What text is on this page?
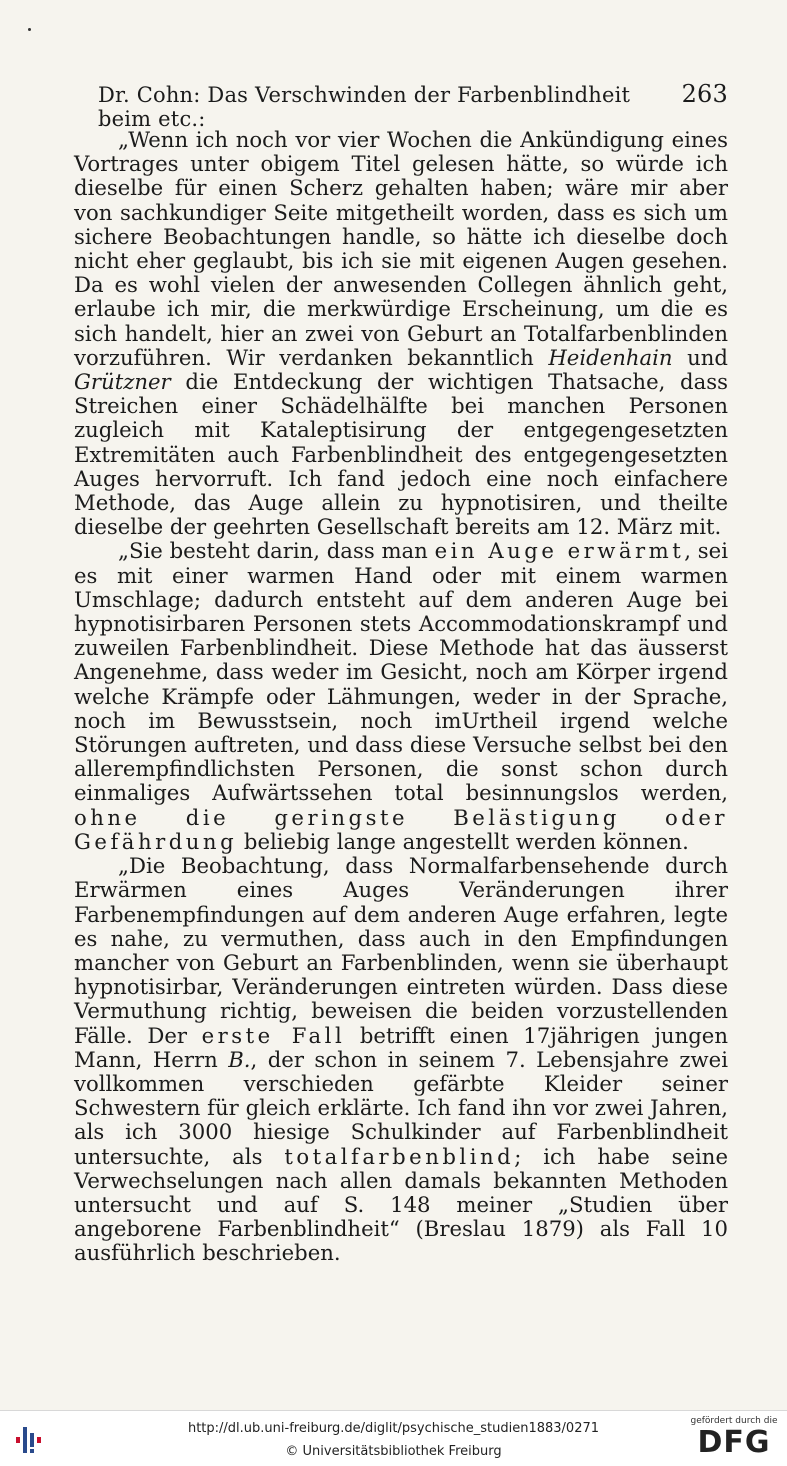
Dr. Cohn: Das Verschwinden der Farbenblindheit beim etc.:
263

„Wenn ich noch vor vier Wochen die Ankündigung eines Vortrages unter obigem Titel gelesen hätte, so würde ich dieselbe für einen Scherz gehalten haben; wäre mir aber von sachkundiger Seite mitgetheilt worden, dass es sich um sichere Beobachtungen handle, so hätte ich dieselbe doch nicht eher geglaubt, bis ich sie mit eigenen Augen gesehen. Da es wohl vielen der anwesenden Collegen ähnlich geht, erlaube ich mir, die merkwürdige Erscheinung, um die es sich handelt, hier an zwei von Geburt an Totalfarbenblinden vorzuführen. Wir verdanken bekanntlich Heidenhain und Grützner die Entdeckung der wichtigen Thatsache, dass Streichen einer Schädelhälfte bei manchen Personen zugleich mit Kataleptisirung der entgegengesetzten Extremitäten auch Farbenblindheit des entgegengesetzten Auges hervorruft. Ich fand jedoch eine noch einfachere Methode, das Auge allein zu hypnotisiren, und theilte dieselbe der geehrten Gesellschaft bereits am 12. März mit.

„Sie besteht darin, dass man ein Auge erwärmt, sei es mit einer warmen Hand oder mit einem warmen Umschlage; dadurch entsteht auf dem anderen Auge bei hypnotisirbaren Personen stets Accommodationskrampf und zuweilen Farbenblindheit. Diese Methode hat das äusserst Angenehme, dass weder im Gesicht, noch am Körper irgend welche Krämpfe oder Lähmungen, weder in der Sprache, noch im Bewusstsein, noch imUrtheil irgend welche Störungen auftreten, und dass diese Versuche selbst bei den allerempfindlichsten Personen, die sonst schon durch einmaliges Aufwärtssehen total besinnungslos werden, ohne die geringste Belästigung oder Gefährdung beliebig lange angestellt werden können.

„Die Beobachtung, dass Normalfarbensehende durch Erwärmen eines Auges Veränderungen ihrer Farbenempfindungen auf dem anderen Auge erfahren, legte es nahe, zu vermuthen, dass auch in den Empfindungen mancher von Geburt an Farbenblinden, wenn sie überhaupt hypnotisirbar, Veränderungen eintreten würden. Dass diese Vermuthung richtig, beweisen die beiden vorzustellenden Fälle. Der erste Fall betrifft einen 17jährigen jungen Mann, Herrn B., der schon in seinem 7. Lebensjahre zwei vollkommen verschieden gefärbte Kleider seiner Schwestern für gleich erklärte. Ich fand ihn vor zwei Jahren, als ich 3000 hiesige Schulkinder auf Farbenblindheit untersuchte, als totalfarbenblind; ich habe seine Verwechselungen nach allen damals bekannten Methoden untersucht und auf S. 148 meiner „Studien über angeborene Farbenblindheit“ (Breslau 1879) als Fall 10 ausführlich beschrieben.

http://dl.ub.uni-freiburg.de/diglit/psychische_studien1883/0271
© Universitätsbibliothek Freiburg
gefördert durch die
DFG
